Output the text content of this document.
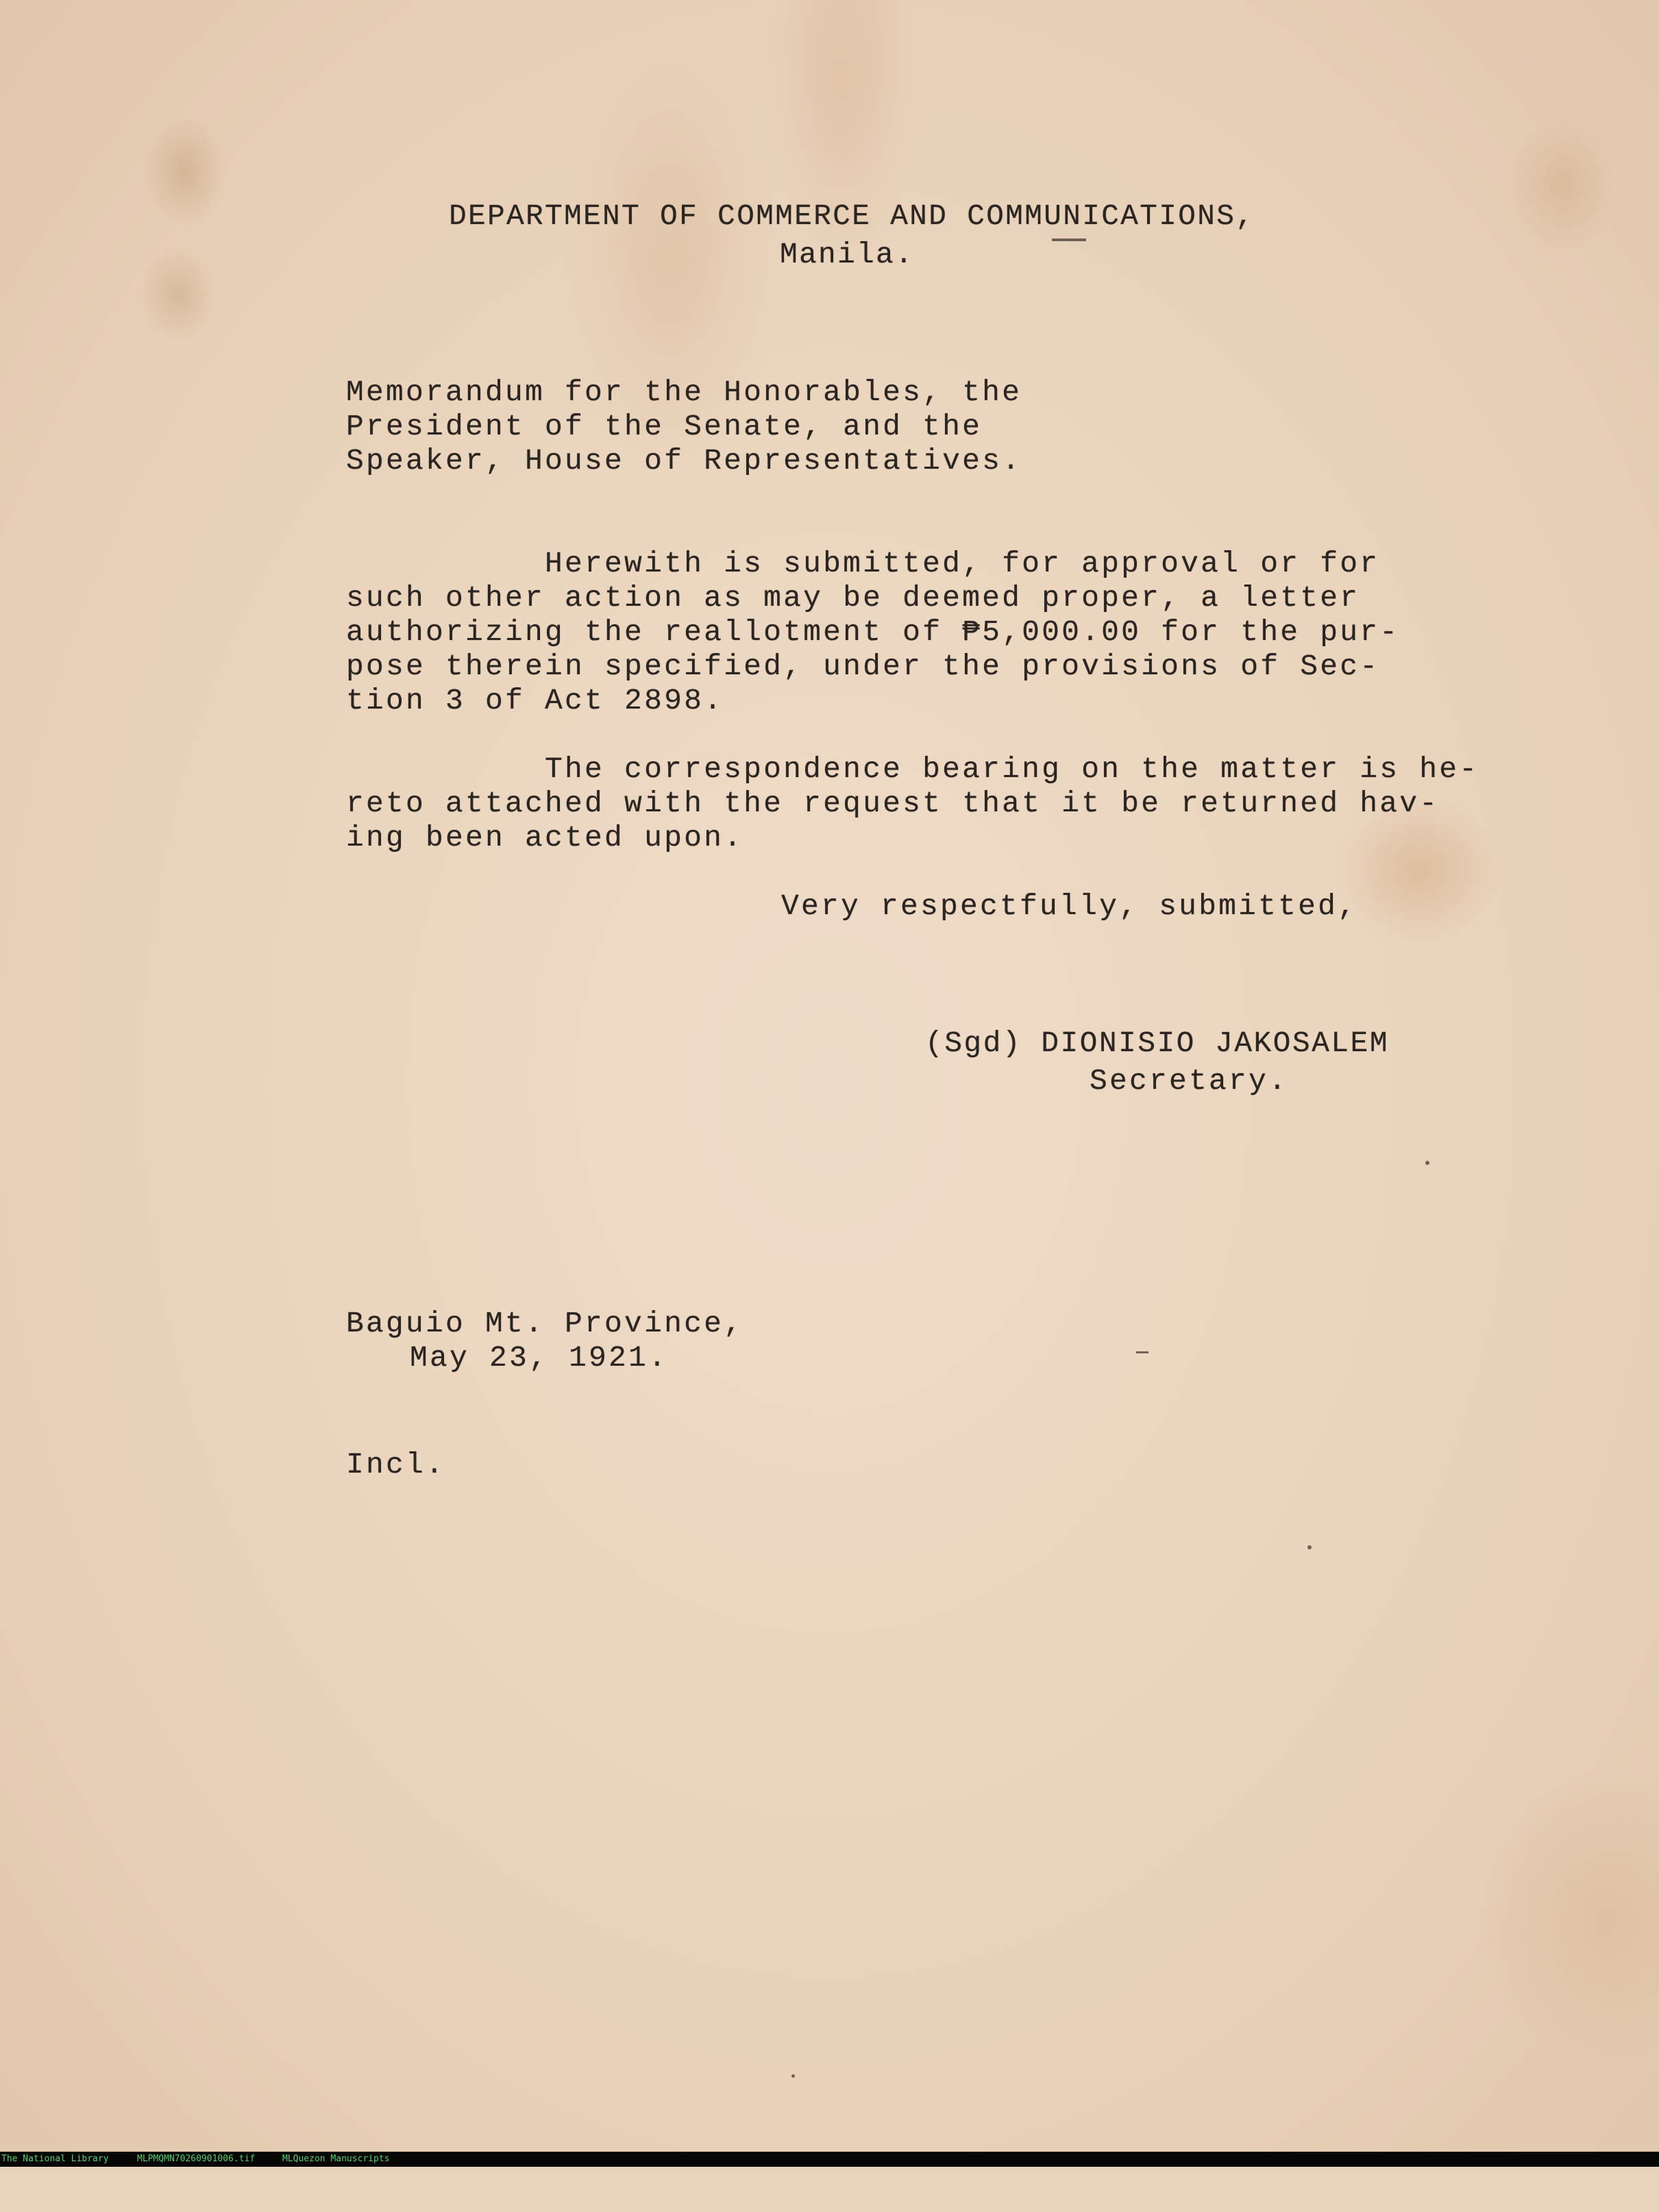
DEPARTMENT OF COMMERCE AND COMMUNICATIONS,
Manila.
Memorandum for the Honorables, the
President of the Senate, and the
Speaker, House of Representatives.
Herewith is submitted, for approval or for
such other action as may be deemed proper, a letter
authorizing the reallotment of ₱5,000.00 for the pur-
pose therein specified, under the provisions of Sec-
tion 3 of Act 2898.
The correspondence bearing on the matter is he-
reto attached with the request that it be returned hav-
ing been acted upon.
Very respectfully, submitted,
(Sgd) DIONISIO JAKOSALEM
Secretary.
Baguio Mt. Province,
May 23, 1921.
Incl.

The National Library

	MLPMQMN70260901006.tif

	MLQuezon Manuscripts
